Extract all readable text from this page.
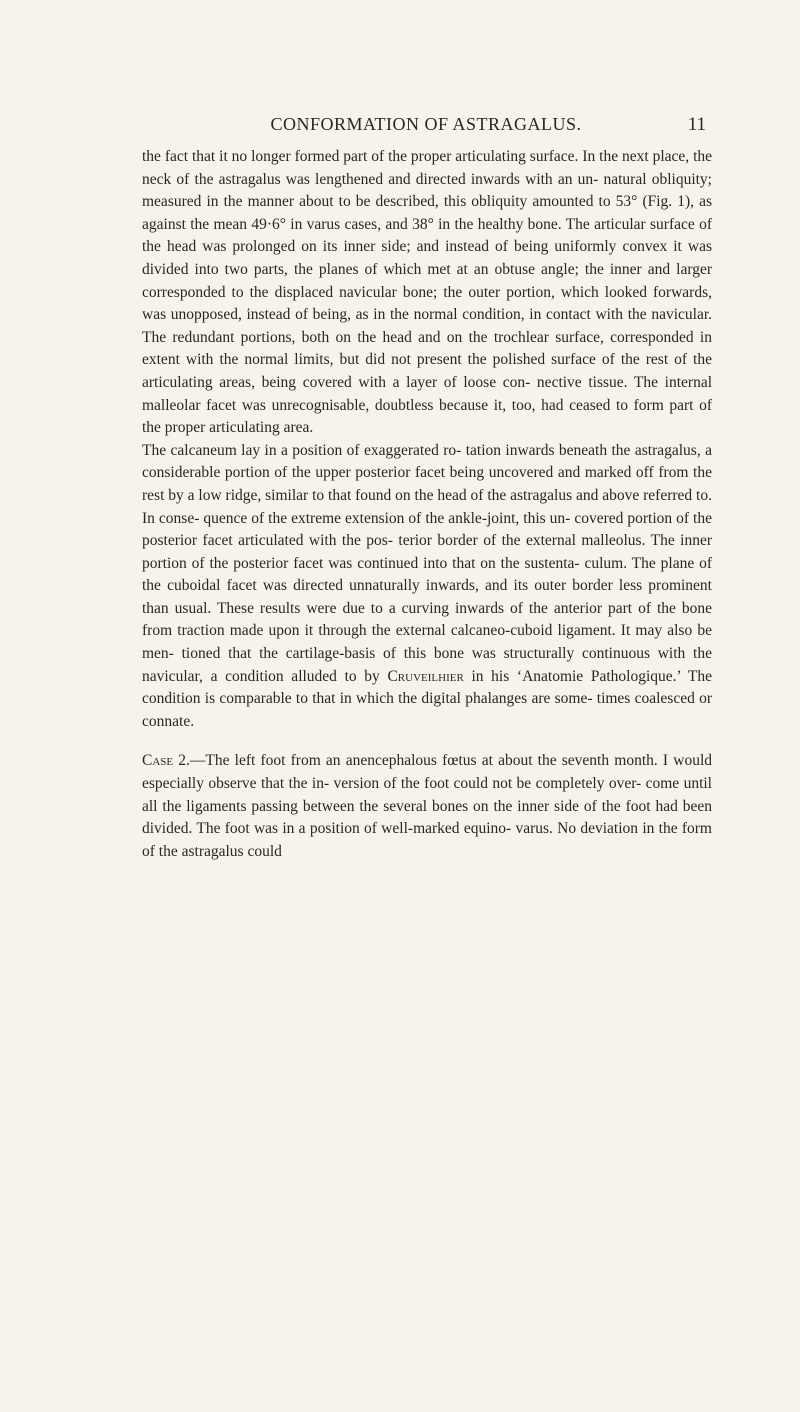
CONFORMATION OF ASTRAGALUS.	11

the fact that it no longer formed part of the proper articulating surface. In the next place, the neck of the astragalus was lengthened and directed inwards with an un- natural obliquity; measured in the manner about to be described, this obliquity amounted to 53° (Fig. 1), as against the mean 49·6° in varus cases, and 38° in the healthy bone. The articular surface of the head was prolonged on its inner side; and instead of being uniformly convex it was divided into two parts, the planes of which met at an obtuse angle; the inner and larger corresponded to the displaced navicular bone; the outer portion, which looked forwards, was unopposed, instead of being, as in the normal condition, in contact with the navicular. The redundant portions, both on the head and on the trochlear surface, corresponded in extent with the normal limits, but did not present the polished surface of the rest of the articulating areas, being covered with a layer of loose con- nective tissue. The internal malleolar facet was unrecognisable, doubtless because it, too, had ceased to form part of the proper articulating area.

The calcaneum lay in a position of exaggerated ro- tation inwards beneath the astragalus, a considerable portion of the upper posterior facet being uncovered and marked off from the rest by a low ridge, similar to that found on the head of the astragalus and above referred to. In conse- quence of the extreme extension of the ankle-joint, this un- covered portion of the posterior facet articulated with the pos- terior border of the external malleolus. The inner portion of the posterior facet was continued into that on the sustenta- culum. The plane of the cuboidal facet was directed unnaturally inwards, and its outer border less prominent than usual. These results were due to a curving inwards of the anterior part of the bone from traction made upon it through the external calcaneo-cuboid ligament. It may also be men- tioned that the cartilage-basis of this bone was structurally continuous with the navicular, a condition alluded to by Cruveilhier in his ‘Anatomie Pathologique.’ The condition is comparable to that in which the digital phalanges are some- times coalesced or connate.

Case 2.—The left foot from an anencephalous fœtus at about the seventh month. I would especially observe that the in- version of the foot could not be completely over- come until all the ligaments passing between the several bones on the inner side of the foot had been divided. The foot was in a position of well-marked equino- varus. No deviation in the form of the astragalus could
